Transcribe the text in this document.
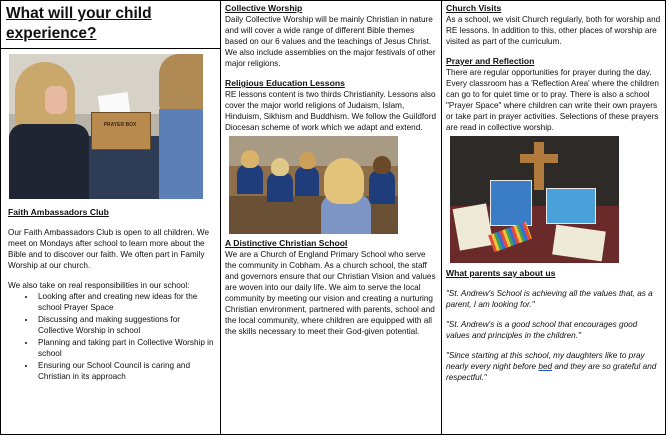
What will your child experience?
PRAYER BOX
Faith Ambassadors Club

Our Faith Ambassadors Club is open to all children. We meet on Mondays after school to learn more about the Bible and to discover our faith. We often part in Family Worship at our church.

We also take on real responsibilities in our school:

• Looking after and creating new ideas for the school Prayer Space
• Discussing and making suggestions for Collective Worship in school
• Planning and taking part in Collective Worship in school
• Ensuring our School Council is caring and Christian in its approach
Collective Worship

Daily Collective Worship will be mainly Christian in nature and will cover a wide range of different Bible themes based on our 6 values and the teachings of Jesus Christ.

We also include assemblies on the major festivals of other major religions.

Religious Education Lessons

RE lessons content is two thirds Christianity. Lessons also cover the major world religions of Judaism, Islam, Hinduism, Sikhism and Buddhism. We follow the Guildford Diocesan scheme of work which we adapt and extend.

A Distinctive Christian School

We are a Church of England Primary School who serve the community in Cobham. As a church school, the staff and governors ensure that our Christian Vision and values are woven into our daily life. We aim to serve the local community by meeting our vision and creating a nurturing Christian environment, partnered with parents, school and the local community, where children are equipped with all the skills necessary to meet their God-given potential.

Church Visits

As a school, we visit Church regularly, both for worship and RE lessons. In addition to this, other places of worship are visited as part of the curriculum.

Prayer and Reflection

There are regular opportunities for prayer during the day. Every classroom has a 'Reflection Area' where the children can go to for quiet time or to pray. There is also a school "Prayer Space" where children can write their own prayers or take part in prayer activities. Selections of these prayers are read in collective worship.

What parents say about us

"St. Andrew's School is achieving all the values that, as a parent, I am looking for."

"St. Andrew's is a good school that encourages good values and principles in the children."

"Since starting at this school, my daughters like to pray nearly every night before bed and they are so grateful and respectful."
